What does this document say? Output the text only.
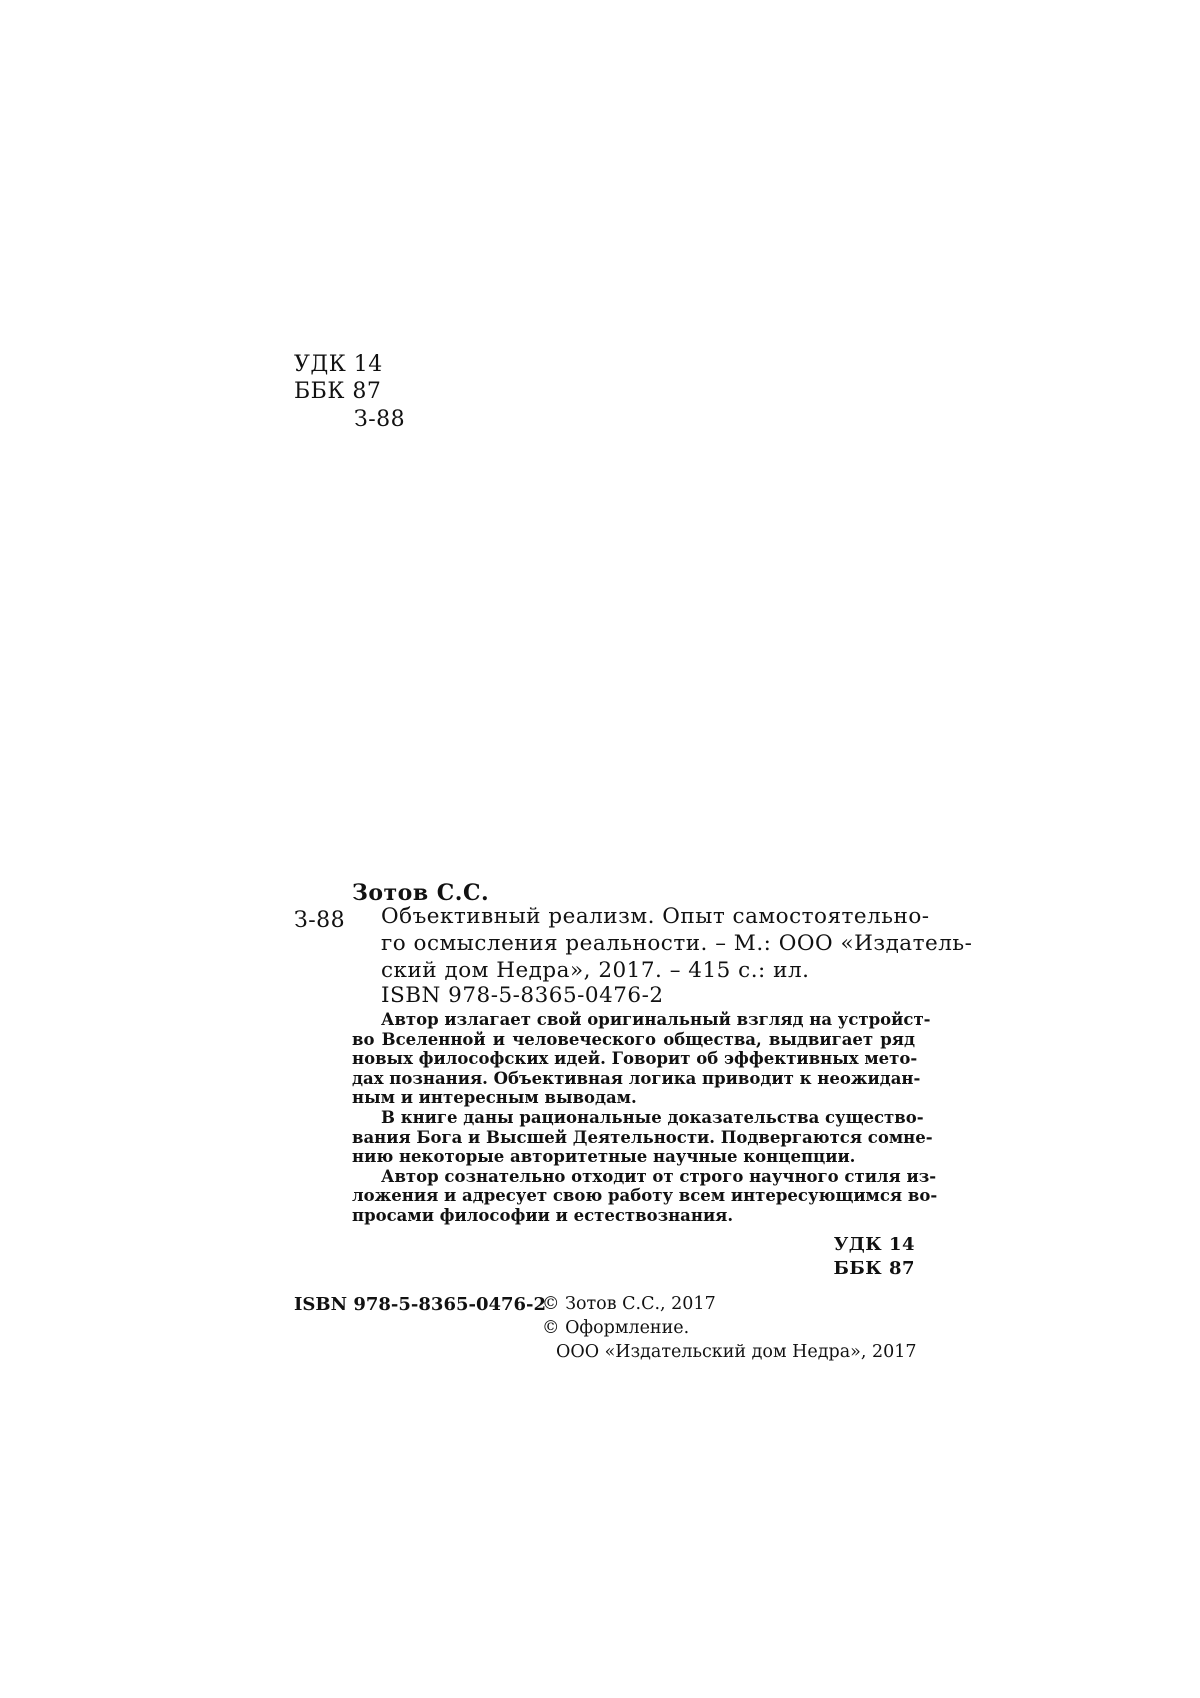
УДК 14
ББК 87
З-88
Зотов С.С.
З-88 Объективный реализм. Опыт самостоятельно-
го осмысления реальности. – М.: ООО «Издатель-
ский дом Недра», 2017. – 415 с.: ил.
ISBN 978-5-8365-0476-2
Автор излагает свой оригинальный взгляд на устройст-
во Вселенной и человеческого общества, выдвигает ряд
новых философских идей. Говорит об эффективных мето-
дах познания. Объективная логика приводит к неожидан-
ным и интересным выводам.
В книге даны рациональные доказательства существо-
вания Бога и Высшей Деятельности. Подвергаются сомне-
нию некоторые авторитетные научные концепции.
Автор сознательно отходит от строго научного стиля из-
ложения и адресует свою работу всем интересующимся во-
просами философии и естествознания.
УДК 14
ББК 87
ISBN 978-5-8365-0476-2
© Зотов С.С., 2017
© Оформление.
ООО «Издательский дом Недра», 2017
